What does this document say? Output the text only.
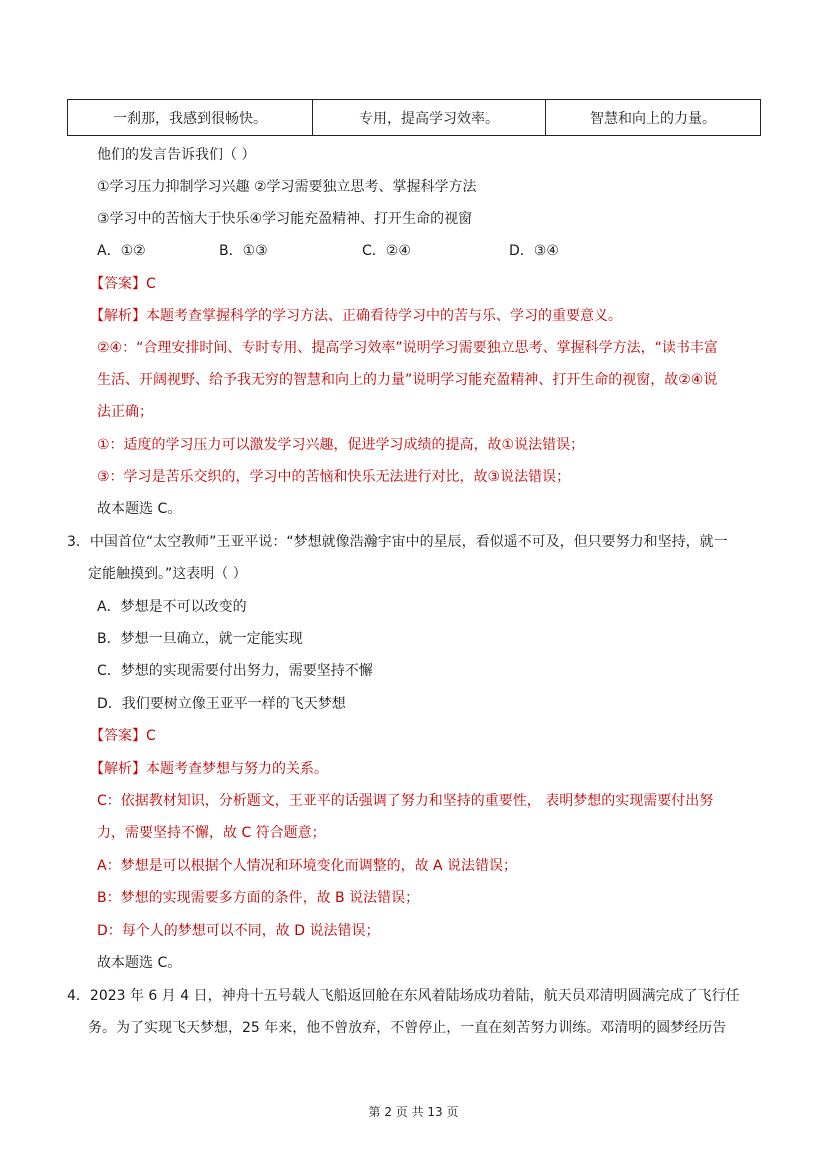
一刹那，我感到很畅快。	专用，提高学习效率。	智慧和向上的力量。
他们的发言告诉我们（ ）
①学习压力抑制学习兴趣 ②学习需要独立思考、掌握科学方法
③学习中的苦恼大于快乐④学习能充盈精神、打开生命的视窗
A．①②	B．①③	C．②④	D．③④
【答案】C
【解析】本题考查掌握科学的学习方法、正确看待学习中的苦与乐、学习的重要意义。
②④：“合理安排时间、专时专用、提高学习效率”说明学习需要独立思考、掌握科学方法，“读书丰富
生活、开阔视野、给予我无穷的智慧和向上的力量”说明学习能充盈精神、打开生命的视窗，故②④说
法正确；
①：适度的学习压力可以激发学习兴趣，促进学习成绩的提高，故①说法错误；
③：学习是苦乐交织的，学习中的苦恼和快乐无法进行对比，故③说法错误；
故本题选 C。
3．中国首位“太空教师”王亚平说：“梦想就像浩瀚宇宙中的星辰，看似遥不可及，但只要努力和坚持，就一
定能触摸到。”这表明（ ）
A．梦想是不可以改变的
B．梦想一旦确立，就一定能实现
C．梦想的实现需要付出努力，需要坚持不懈
D．我们要树立像王亚平一样的飞天梦想
【答案】C
【解析】本题考查梦想与努力的关系。
C：依据教材知识，分析题文，王亚平的话强调了努力和坚持的重要性， 表明梦想的实现需要付出努
力，需要坚持不懈，故 C 符合题意；
A：梦想是可以根据个人情况和环境变化而调整的，故 A 说法错误；
B：梦想的实现需要多方面的条件，故 B 说法错误；
D：每个人的梦想可以不同，故 D 说法错误；
故本题选 C。
4．2023 年 6 月 4 日，神舟十五号载人飞船返回舱在东风着陆场成功着陆，航天员邓清明圆满完成了飞行任
务。为了实现飞天梦想，25 年来，他不曾放弃，不曾停止，一直在刻苦努力训练。邓清明的圆梦经历告
第 2 页 共 13 页
